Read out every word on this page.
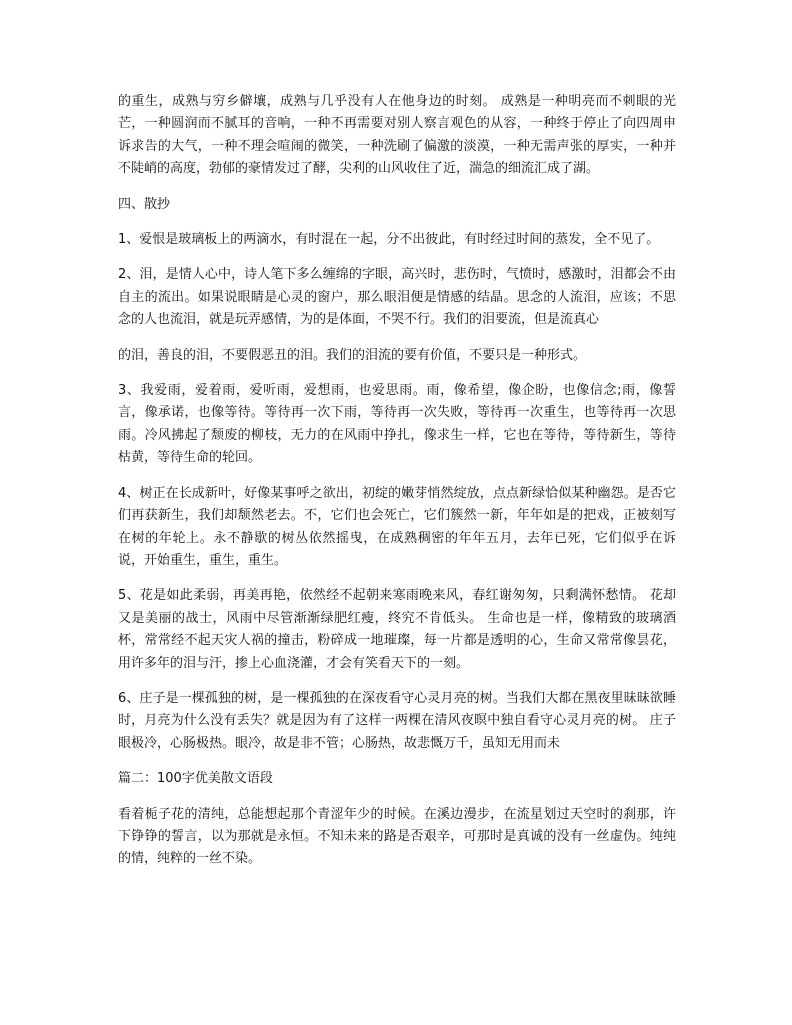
的重生，成熟与穷乡僻壤，成熟与几乎没有人在他身边的时刻。 成熟是一种明亮而不刺眼的光芒，一种圆润而不腻耳的音响，一种不再需要对别人察言观色的从容，一种终于停止了向四周申诉求告的大气，一种不理会喧闹的微笑，一种洗刷了偏激的淡漠，一种无需声张的厚实，一种并不陡峭的高度，勃郁的豪情发过了酵，尖利的山风收住了近，湍急的细流汇成了湖。

四、散抄

1、爱恨是玻璃板上的两滴水，有时混在一起，分不出彼此，有时经过时间的蒸发，全不见了。

2、泪，是情人心中，诗人笔下多么缠绵的字眼，高兴时，悲伤时，气愤时，感激时，泪都会不由自主的流出。如果说眼睛是心灵的窗户，那么眼泪便是情感的结晶。思念的人流泪，应该；不思念的人也流泪，就是玩弄感情，为的是体面，不哭不行。我们的泪要流，但是流真心

的泪，善良的泪，不要假恶丑的泪。我们的泪流的要有价值，不要只是一种形式。

3、我爱雨，爱着雨，爱听雨，爱想雨，也爱思雨。雨，像希望，像企盼，也像信念;雨，像誓言，像承诺，也像等待。等待再一次下雨，等待再一次失败，等待再一次重生，也等待再一次思雨。冷风拂起了颓废的柳枝，无力的在风雨中挣扎，像求生一样，它也在等待，等待新生，等待枯黄，等待生命的轮回。

4、树正在长成新叶，好像某事呼之欲出，初绽的嫩芽悄然绽放，点点新绿恰似某种幽怨。是否它们再获新生，我们却颓然老去。不，它们也会死亡，它们簇然一新，年年如是的把戏，正被刻写在树的年轮上。永不静歇的树丛依然摇曳，在成熟稠密的年年五月，去年已死，它们似乎在诉说，开始重生，重生，重生。

5、花是如此柔弱，再美再艳，依然经不起朝来寒雨晚来风，春红谢匆匆，只剩满怀愁情。 花却又是美丽的战士，风雨中尽管渐渐绿肥红瘦，终究不肯低头。 生命也是一样，像精致的玻璃酒杯，常常经不起天灾人祸的撞击，粉碎成一地璀璨，每一片都是透明的心，生命又常常像昙花，用许多年的泪与汗，掺上心血浇灌，才会有笑看天下的一刻。

6、庄子是一棵孤独的树，是一棵孤独的在深夜看守心灵月亮的树。当我们大都在黑夜里昧昧欲睡时，月亮为什么没有丢失？就是因为有了这样一两棵在清风夜暝中独自看守心灵月亮的树。 庄子眼极冷，心肠极热。眼冷，故是非不管；心肠热，故悲慨万千，虽知无用而未

篇二：100字优美散文语段

看着栀子花的清纯，总能想起那个青涩年少的时候。在溪边漫步，在流星划过天空时的刹那，许下铮铮的誓言，以为那就是永恒。不知未来的路是否艰辛，可那时是真诚的没有一丝虚伪。纯纯的情，纯粹的一丝不染。
